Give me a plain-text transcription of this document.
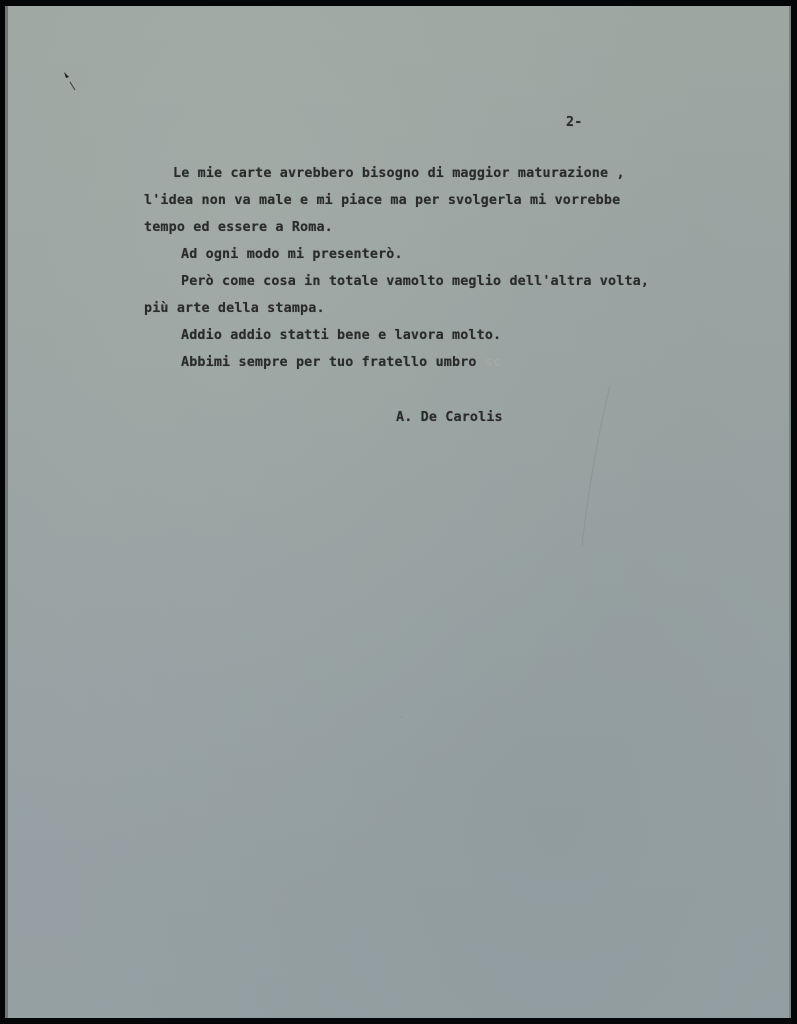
2-
Le mie carte avrebbero bisogno di maggior maturazione ,
l'idea non va male e mi piace ma per svolgerla mi vorrebbe
tempo ed essere a Roma.
Ad ogni modo mi presenterò.
Però come cosa in totale vamolto meglio dell'altra volta,
più arte della stampa.
Addio addio statti bene e lavora molto.
Abbimi sempre per tuo fratello umbro sc
A. De Carolis
